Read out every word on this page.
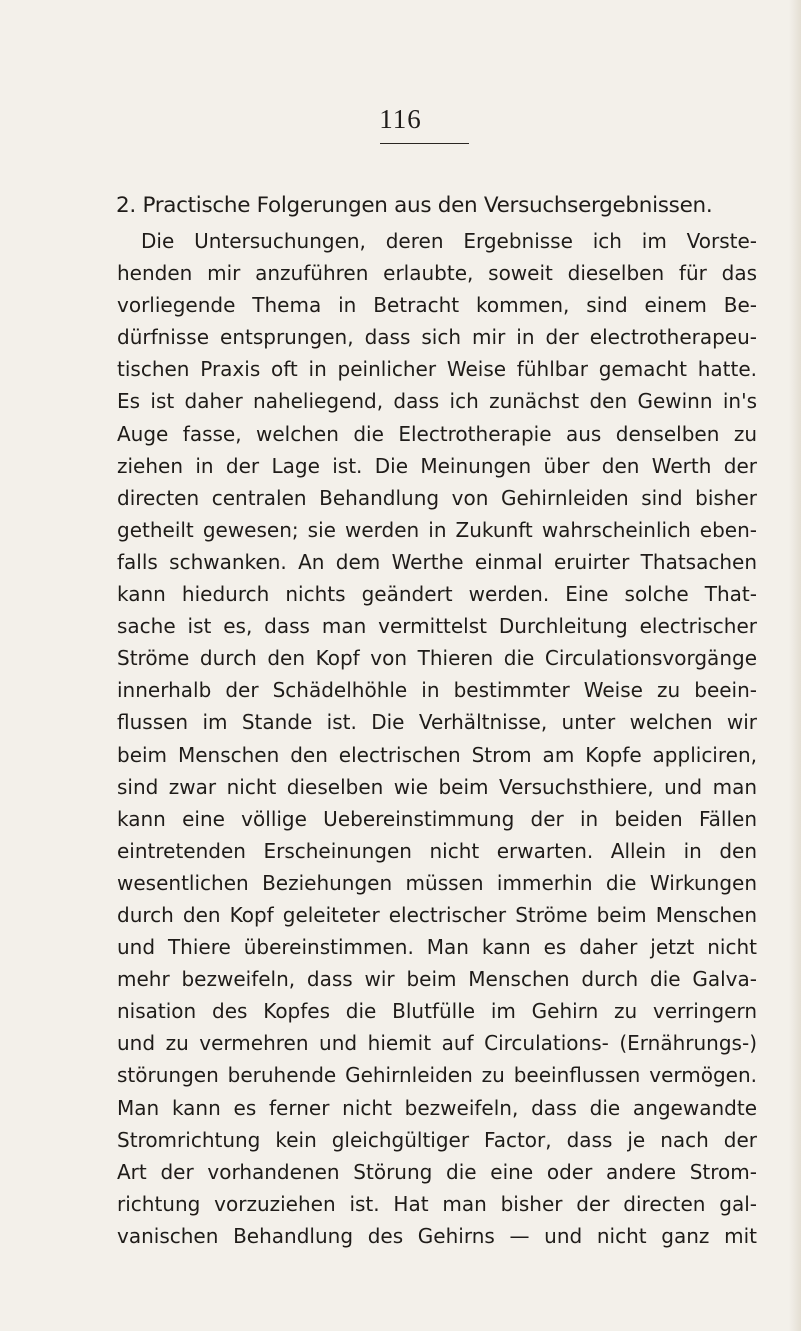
116
2. Practische Folgerungen aus den Versuchsergebnissen.
Die Untersuchungen, deren Ergebnisse ich im Vorste-
henden mir anzuführen erlaubte, soweit dieselben für das
vorliegende Thema in Betracht kommen, sind einem Be-
dürfnisse entsprungen, dass sich mir in der electrotherapeu-
tischen Praxis oft in peinlicher Weise fühlbar gemacht hatte.
Es ist daher naheliegend, dass ich zunächst den Gewinn in's
Auge fasse, welchen die Electrotherapie aus denselben zu
ziehen in der Lage ist. Die Meinungen über den Werth der
directen centralen Behandlung von Gehirnleiden sind bisher
getheilt gewesen; sie werden in Zukunft wahrscheinlich eben-
falls schwanken. An dem Werthe einmal eruirter Thatsachen
kann hiedurch nichts geändert werden. Eine solche That-
sache ist es, dass man vermittelst Durchleitung electrischer
Ströme durch den Kopf von Thieren die Circulationsvorgänge
innerhalb der Schädelhöhle in bestimmter Weise zu beein-
flussen im Stande ist. Die Verhältnisse, unter welchen wir
beim Menschen den electrischen Strom am Kopfe appliciren,
sind zwar nicht dieselben wie beim Versuchsthiere, und man
kann eine völlige Uebereinstimmung der in beiden Fällen
eintretenden Erscheinungen nicht erwarten. Allein in den
wesentlichen Beziehungen müssen immerhin die Wirkungen
durch den Kopf geleiteter electrischer Ströme beim Menschen
und Thiere übereinstimmen. Man kann es daher jetzt nicht
mehr bezweifeln, dass wir beim Menschen durch die Galva-
nisation des Kopfes die Blutfülle im Gehirn zu verringern
und zu vermehren und hiemit auf Circulations- (Ernährungs-)
störungen beruhende Gehirnleiden zu beeinflussen vermögen.
Man kann es ferner nicht bezweifeln, dass die angewandte
Stromrichtung kein gleichgültiger Factor, dass je nach der
Art der vorhandenen Störung die eine oder andere Strom-
richtung vorzuziehen ist. Hat man bisher der directen gal-
vanischen Behandlung des Gehirns — und nicht ganz mit
